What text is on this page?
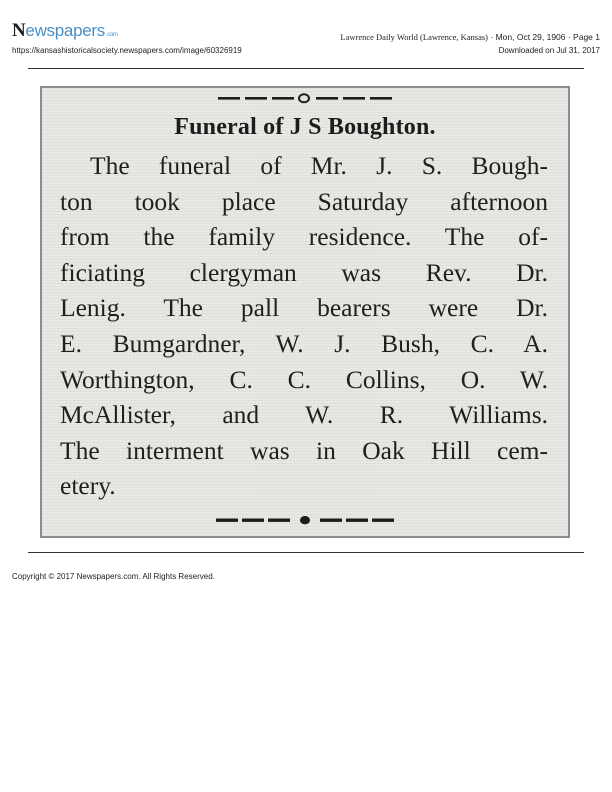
N ewspapers .com	Lawrence Daily World (Lawrence, Kansas) · Mon, Oct 29, 1906 · Page 1
https://kansashistoricalsociety.newspapers.com/image/60326919	Downloaded on Jul 31, 2017
Funeral of J S Boughton.
The funeral of Mr. J. S. Bough-
ton took place Saturday afternoon
from the family residence. The of-
ficiating clergyman was Rev. Dr.
Lenig. The pall bearers were Dr.
E. Bumgardner, W. J. Bush, C. A.
Worthington, C. C. Collins, O. W.
McAllister, and W. R. Williams.
The interment was in Oak Hill cem-
etery.
Copyright © 2017 Newspapers.com. All Rights Reserved.
